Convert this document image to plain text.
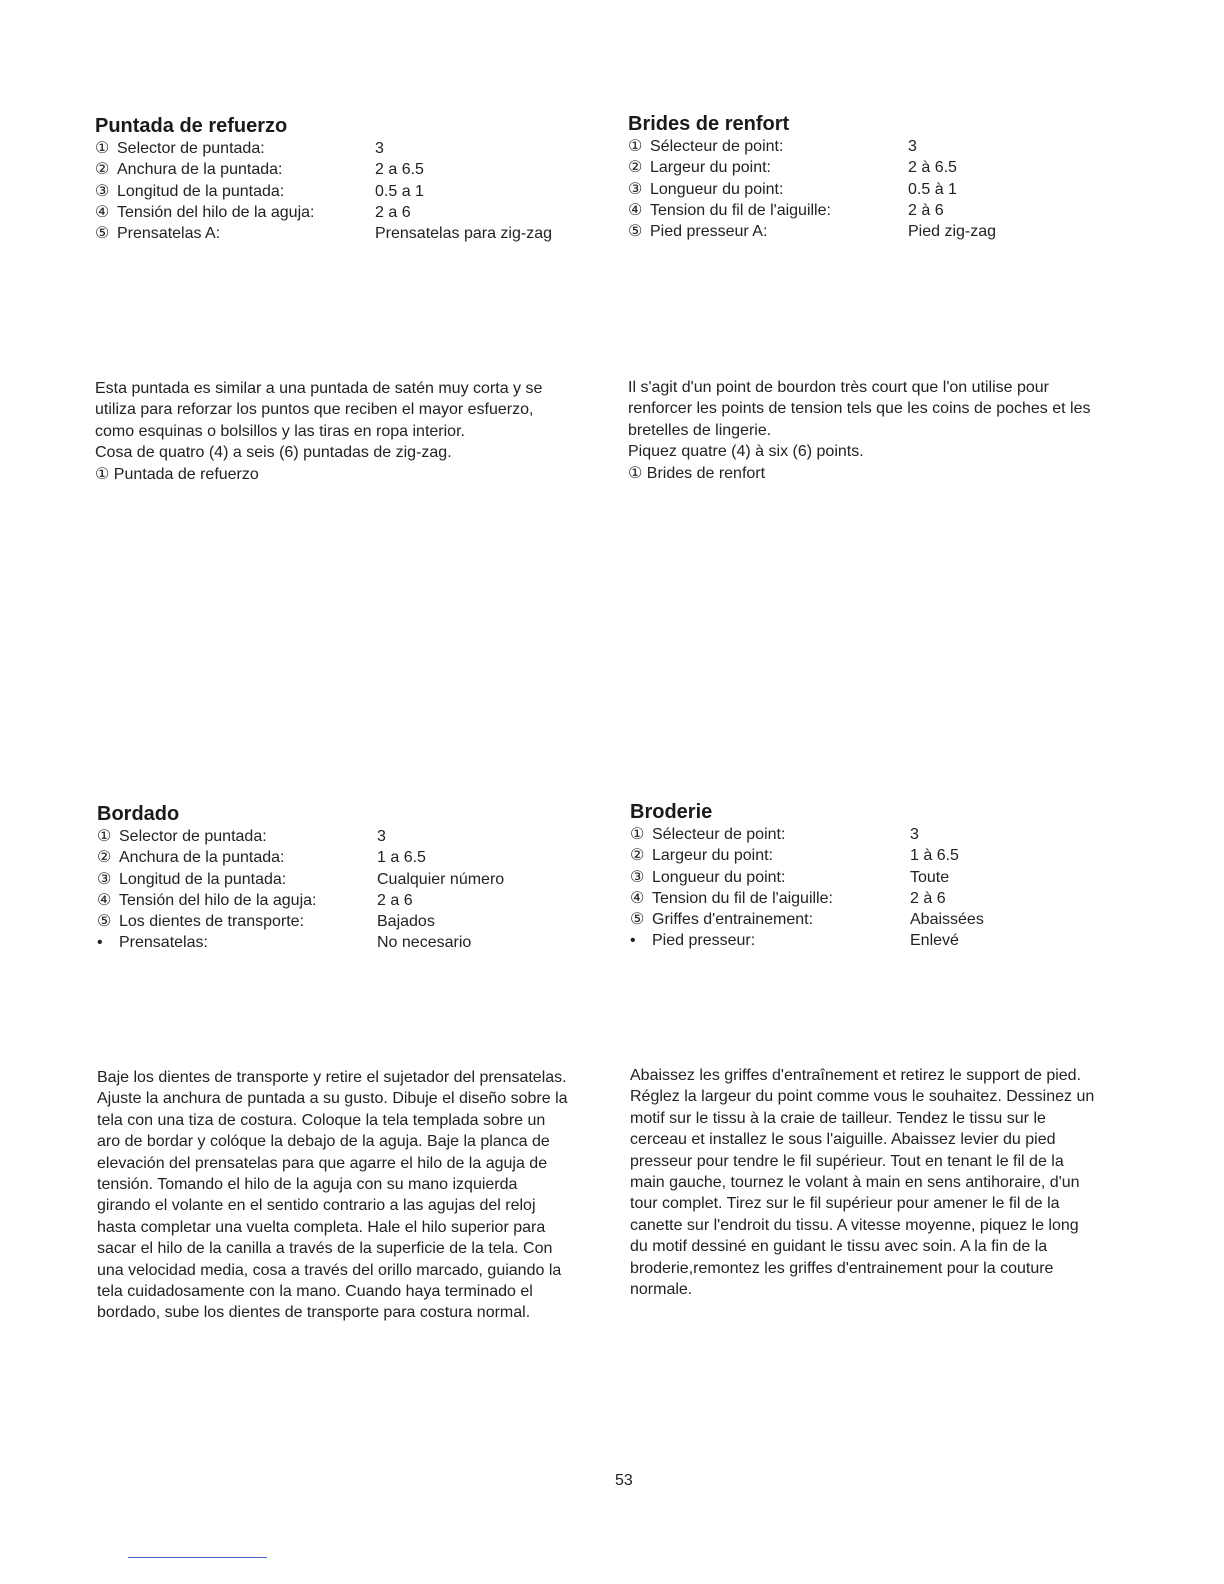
Puntada de refuerzo
① Selector de puntada:	3
② Anchura de la puntada:	2 a 6.5
③ Longitud de la puntada:	0.5 a 1
④ Tensión del hilo de la aguja:	2 a 6
⑤ Prensatelas A:	Prensatelas para zig-zag
Brides de renfort
① Sélecteur de point:	3
② Largeur du point:	2 à 6.5
③ Longueur du point:	0.5 à 1
④ Tension du fil de l'aiguille:	2 à 6
⑤ Pied presseur A:	Pied zig-zag
Bordado
① Selector de puntada:	3
② Anchura de la puntada:	1 a 6.5
③ Longitud de la puntada:	Cualquier número
④ Tensión del hilo de la aguja:	2 a 6
⑤ Los dientes de transporte:	Bajados
• Prensatelas:	No necesario
Broderie
① Sélecteur de point:	3
② Largeur du point:	1 à 6.5
③ Longueur du point:	Toute
④ Tension du fil de l'aiguille:	2 à 6
⑤ Griffes d'entrainement:	Abaissées
• Pied presseur:	Enlevé
Esta puntada es similar a una puntada de satén muy corta y se
utiliza para reforzar los puntos que reciben el mayor esfuerzo,
como esquinas o bolsillos y las tiras en ropa interior.
Cosa de quatro (4) a seis (6) puntadas de zig-zag.
① Puntada de refuerzo
Il s'agit d'un point de bourdon très court que l'on utilise pour
renforcer les points de tension tels que les coins de poches et les
bretelles de lingerie.
Piquez quatre (4) à six (6) points.
① Brides de renfort
Baje los dientes de transporte y retire el sujetador del prensatelas.
Ajuste la anchura de puntada a su gusto. Dibuje el diseño sobre la
tela con una tiza de costura. Coloque la tela templada sobre un
aro de bordar y colóque la debajo de la aguja. Baje la planca de
elevación del prensatelas para que agarre el hilo de la aguja de
tensión. Tomando el hilo de la aguja con su mano izquierda
girando el volante en el sentido contrario a las agujas del reloj
hasta completar una vuelta completa. Hale el hilo superior para
sacar el hilo de la canilla a través de la superficie de la tela. Con
una velocidad media, cosa a través del orillo marcado, guiando la
tela cuidadosamente con la mano. Cuando haya terminado el
bordado, sube los dientes de transporte para costura normal.
Abaissez les griffes d'entraînement et retirez le support de pied.
Réglez la largeur du point comme vous le souhaitez. Dessinez un
motif sur le tissu à la craie de tailleur. Tendez le tissu sur le
cerceau et installez le sous l'aiguille. Abaissez levier du pied
presseur pour tendre le fil supérieur. Tout en tenant le fil de la
main gauche, tournez le volant à main en sens antihoraire, d'un
tour complet. Tirez sur le fil supérieur pour amener le fil de la
canette sur l'endroit du tissu. A vitesse moyenne, piquez le long
du motif dessiné en guidant le tissu avec soin. A la fin de la
broderie,remontez les griffes d'entrainement pour la couture
normale.
53
